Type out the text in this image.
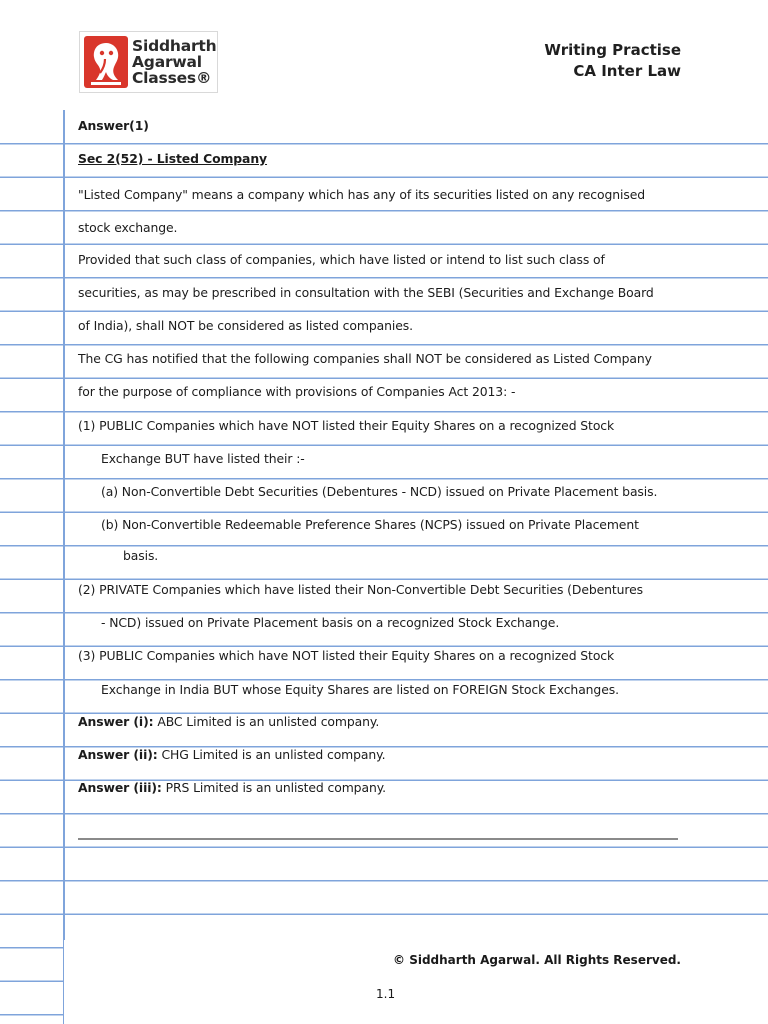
Siddharth
Agarwal
Classes®
Writing Practise
CA Inter Law
Answer(1)
Sec 2(52) - Listed Company
"Listed Company" means a company which has any of its securities listed on any recognised
stock exchange.
Provided that such class of companies, which have listed or intend to list such class of
securities, as may be prescribed in consultation with the SEBI (Securities and Exchange Board
of India), shall NOT be considered as listed companies.
The CG has notified that the following companies shall NOT be considered as Listed Company
for the purpose of compliance with provisions of Companies Act 2013: -
(1) PUBLIC Companies which have NOT listed their Equity Shares on a recognized Stock
Exchange BUT have listed their :-
(a) Non-Convertible Debt Securities (Debentures - NCD) issued on Private Placement basis.
(b) Non-Convertible Redeemable Preference Shares (NCPS) issued on Private Placement
basis.
(2) PRIVATE Companies which have listed their Non-Convertible Debt Securities (Debentures
- NCD) issued on Private Placement basis on a recognized Stock Exchange.
(3) PUBLIC Companies which have NOT listed their Equity Shares on a recognized Stock
Exchange in India BUT whose Equity Shares are listed on FOREIGN Stock Exchanges.
Answer (i): ABC Limited is an unlisted company.
Answer (ii): CHG Limited is an unlisted company.
Answer (iii): PRS Limited is an unlisted company.
© Siddharth Agarwal. All Rights Reserved.
1.1
